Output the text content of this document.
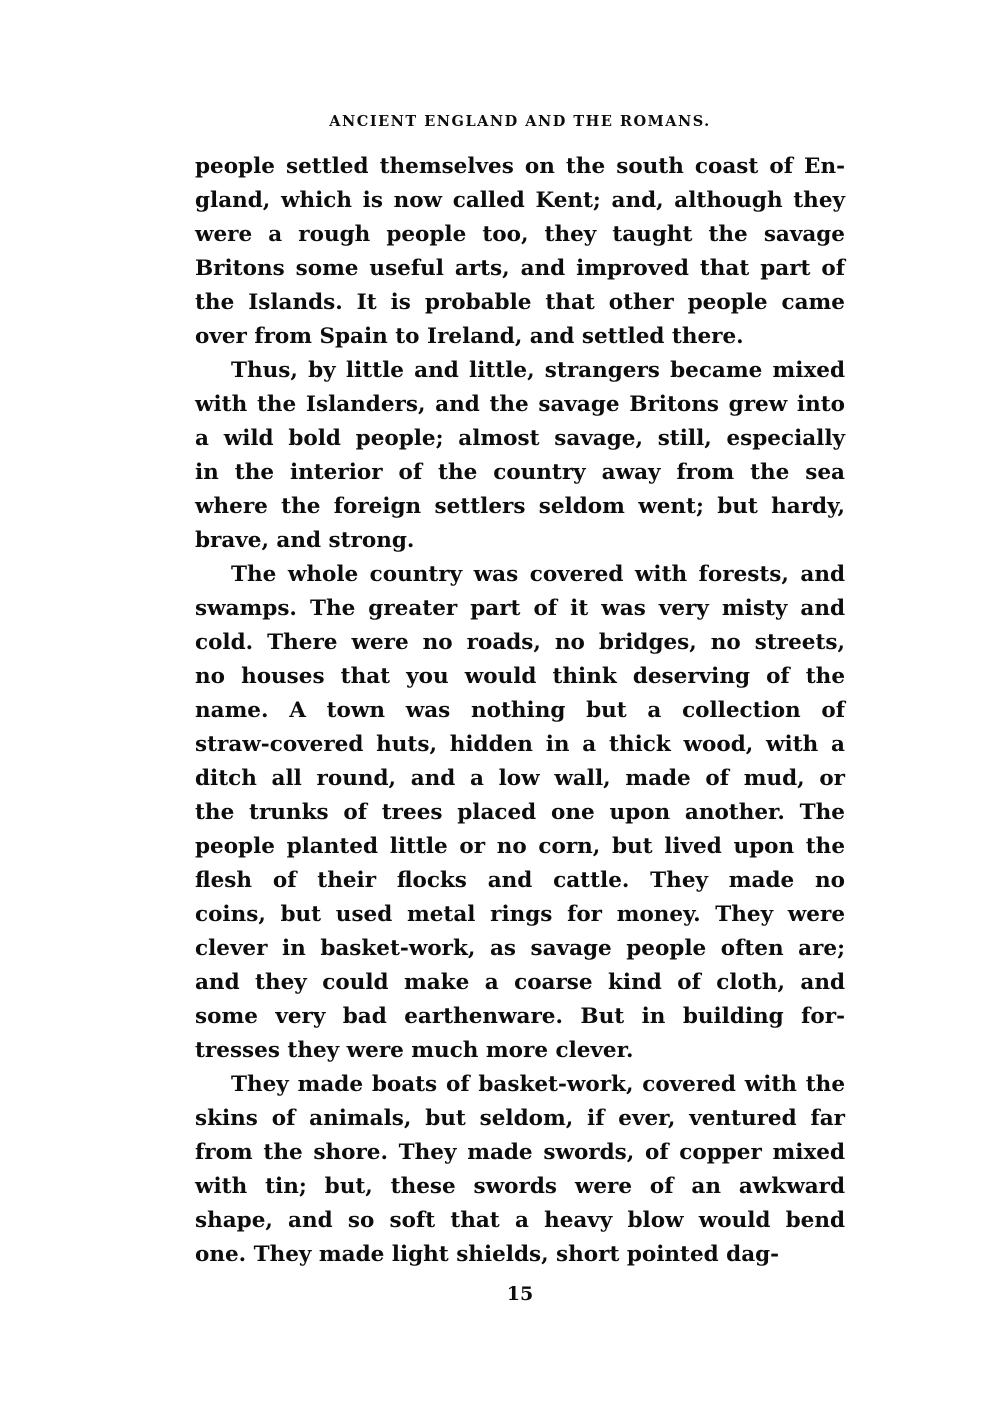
ANCIENT ENGLAND AND THE ROMANS.
people settled themselves on the south coast of En-
gland, which is now called Kent; and, although they
were a rough people too, they taught the savage
Britons some useful arts, and improved that part of
the Islands. It is probable that other people came
over from Spain to Ireland, and settled there.
Thus, by little and little, strangers became mixed
with the Islanders, and the savage Britons grew into
a wild bold people; almost savage, still, especially
in the interior of the country away from the sea
where the foreign settlers seldom went; but hardy,
brave, and strong.
The whole country was covered with forests, and
swamps. The greater part of it was very misty and
cold. There were no roads, no bridges, no streets,
no houses that you would think deserving of the
name. A town was nothing but a collection of
straw-covered huts, hidden in a thick wood, with a
ditch all round, and a low wall, made of mud, or
the trunks of trees placed one upon another. The
people planted little or no corn, but lived upon the
flesh of their flocks and cattle. They made no
coins, but used metal rings for money. They were
clever in basket-work, as savage people often are;
and they could make a coarse kind of cloth, and
some very bad earthenware. But in building for-
tresses they were much more clever.
They made boats of basket-work, covered with the
skins of animals, but seldom, if ever, ventured far
from the shore. They made swords, of copper mixed
with tin; but, these swords were of an awkward
shape, and so soft that a heavy blow would bend
one. They made light shields, short pointed dag-
15
